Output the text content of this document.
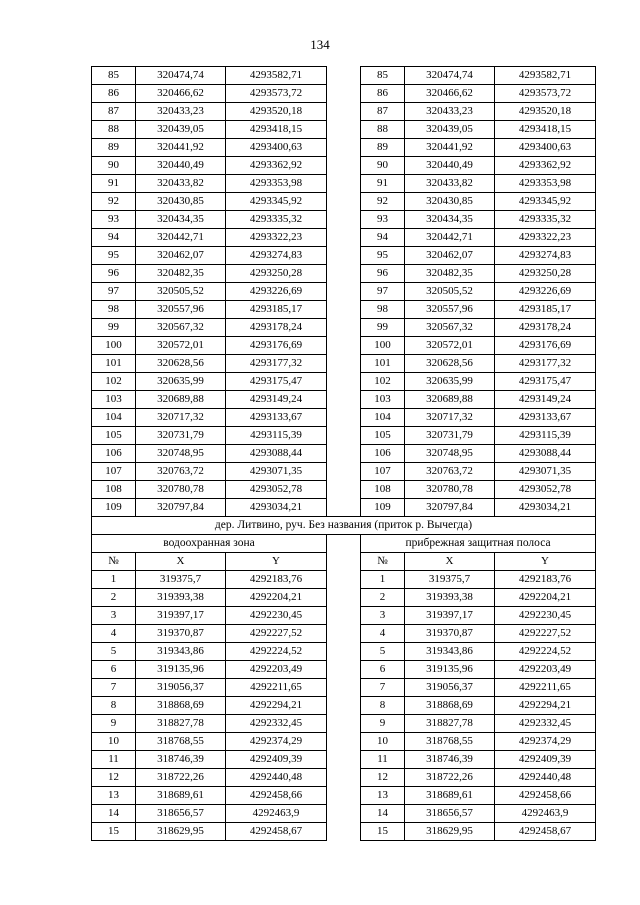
134
85	320474,74	4293582,71		85	320474,74	4293582,71
86	320466,62	4293573,72		86	320466,62	4293573,72
87	320433,23	4293520,18		87	320433,23	4293520,18
88	320439,05	4293418,15		88	320439,05	4293418,15
89	320441,92	4293400,63		89	320441,92	4293400,63
90	320440,49	4293362,92		90	320440,49	4293362,92
91	320433,82	4293353,98		91	320433,82	4293353,98
92	320430,85	4293345,92		92	320430,85	4293345,92
93	320434,35	4293335,32		93	320434,35	4293335,32
94	320442,71	4293322,23		94	320442,71	4293322,23
95	320462,07	4293274,83		95	320462,07	4293274,83
96	320482,35	4293250,28		96	320482,35	4293250,28
97	320505,52	4293226,69		97	320505,52	4293226,69
98	320557,96	4293185,17		98	320557,96	4293185,17
99	320567,32	4293178,24		99	320567,32	4293178,24
100	320572,01	4293176,69		100	320572,01	4293176,69
101	320628,56	4293177,32		101	320628,56	4293177,32
102	320635,99	4293175,47		102	320635,99	4293175,47
103	320689,88	4293149,24		103	320689,88	4293149,24
104	320717,32	4293133,67		104	320717,32	4293133,67
105	320731,79	4293115,39		105	320731,79	4293115,39
106	320748,95	4293088,44		106	320748,95	4293088,44
107	320763,72	4293071,35		107	320763,72	4293071,35
108	320780,78	4293052,78		108	320780,78	4293052,78
109	320797,84	4293034,21		109	320797,84	4293034,21
дер. Литвино, руч. Без названия (приток р. Вычегда)						
водоохранная зона				прибрежная защитная полоса		
№	X	Y		№	X	Y
1	319375,7	4292183,76		1	319375,7	4292183,76
2	319393,38	4292204,21		2	319393,38	4292204,21
3	319397,17	4292230,45		3	319397,17	4292230,45
4	319370,87	4292227,52		4	319370,87	4292227,52
5	319343,86	4292224,52		5	319343,86	4292224,52
6	319135,96	4292203,49		6	319135,96	4292203,49
7	319056,37	4292211,65		7	319056,37	4292211,65
8	318868,69	4292294,21		8	318868,69	4292294,21
9	318827,78	4292332,45		9	318827,78	4292332,45
10	318768,55	4292374,29		10	318768,55	4292374,29
11	318746,39	4292409,39		11	318746,39	4292409,39
12	318722,26	4292440,48		12	318722,26	4292440,48
13	318689,61	4292458,66		13	318689,61	4292458,66
14	318656,57	4292463,9		14	318656,57	4292463,9
15	318629,95	4292458,67		15	318629,95	4292458,67
